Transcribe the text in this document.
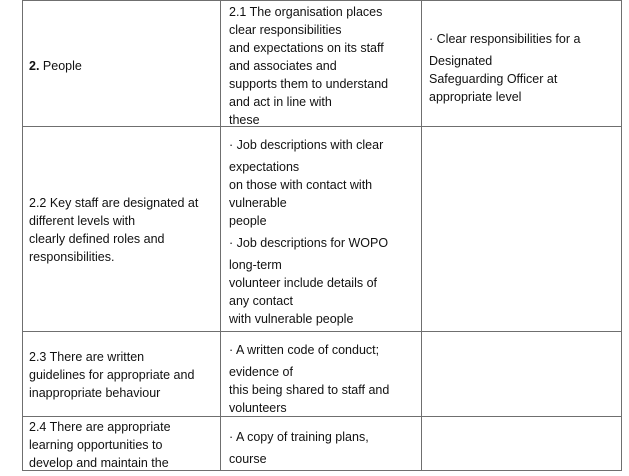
2. People

2.1 The organisation places

clear responsibilities

and expectations on its staff

and associates and

supports them to understand

and act in line with

these

· Clear responsibilities for a

Designated

Safeguarding Officer at

appropriate level

2.2 Key staff are designated at

different levels with

clearly defined roles and

responsibilities.

· Job descriptions with clear

expectations

on those with contact with

vulnerable

people

· Job descriptions for WOPO

long-term

volunteer include details of

any contact

with vulnerable people

2.3 There are written

guidelines for appropriate and

inappropriate behaviour

· A written code of conduct;

evidence of

this being shared to staff and

volunteers

2.4 There are appropriate

learning opportunities to

develop and maintain the

· A copy of training plans,

course
